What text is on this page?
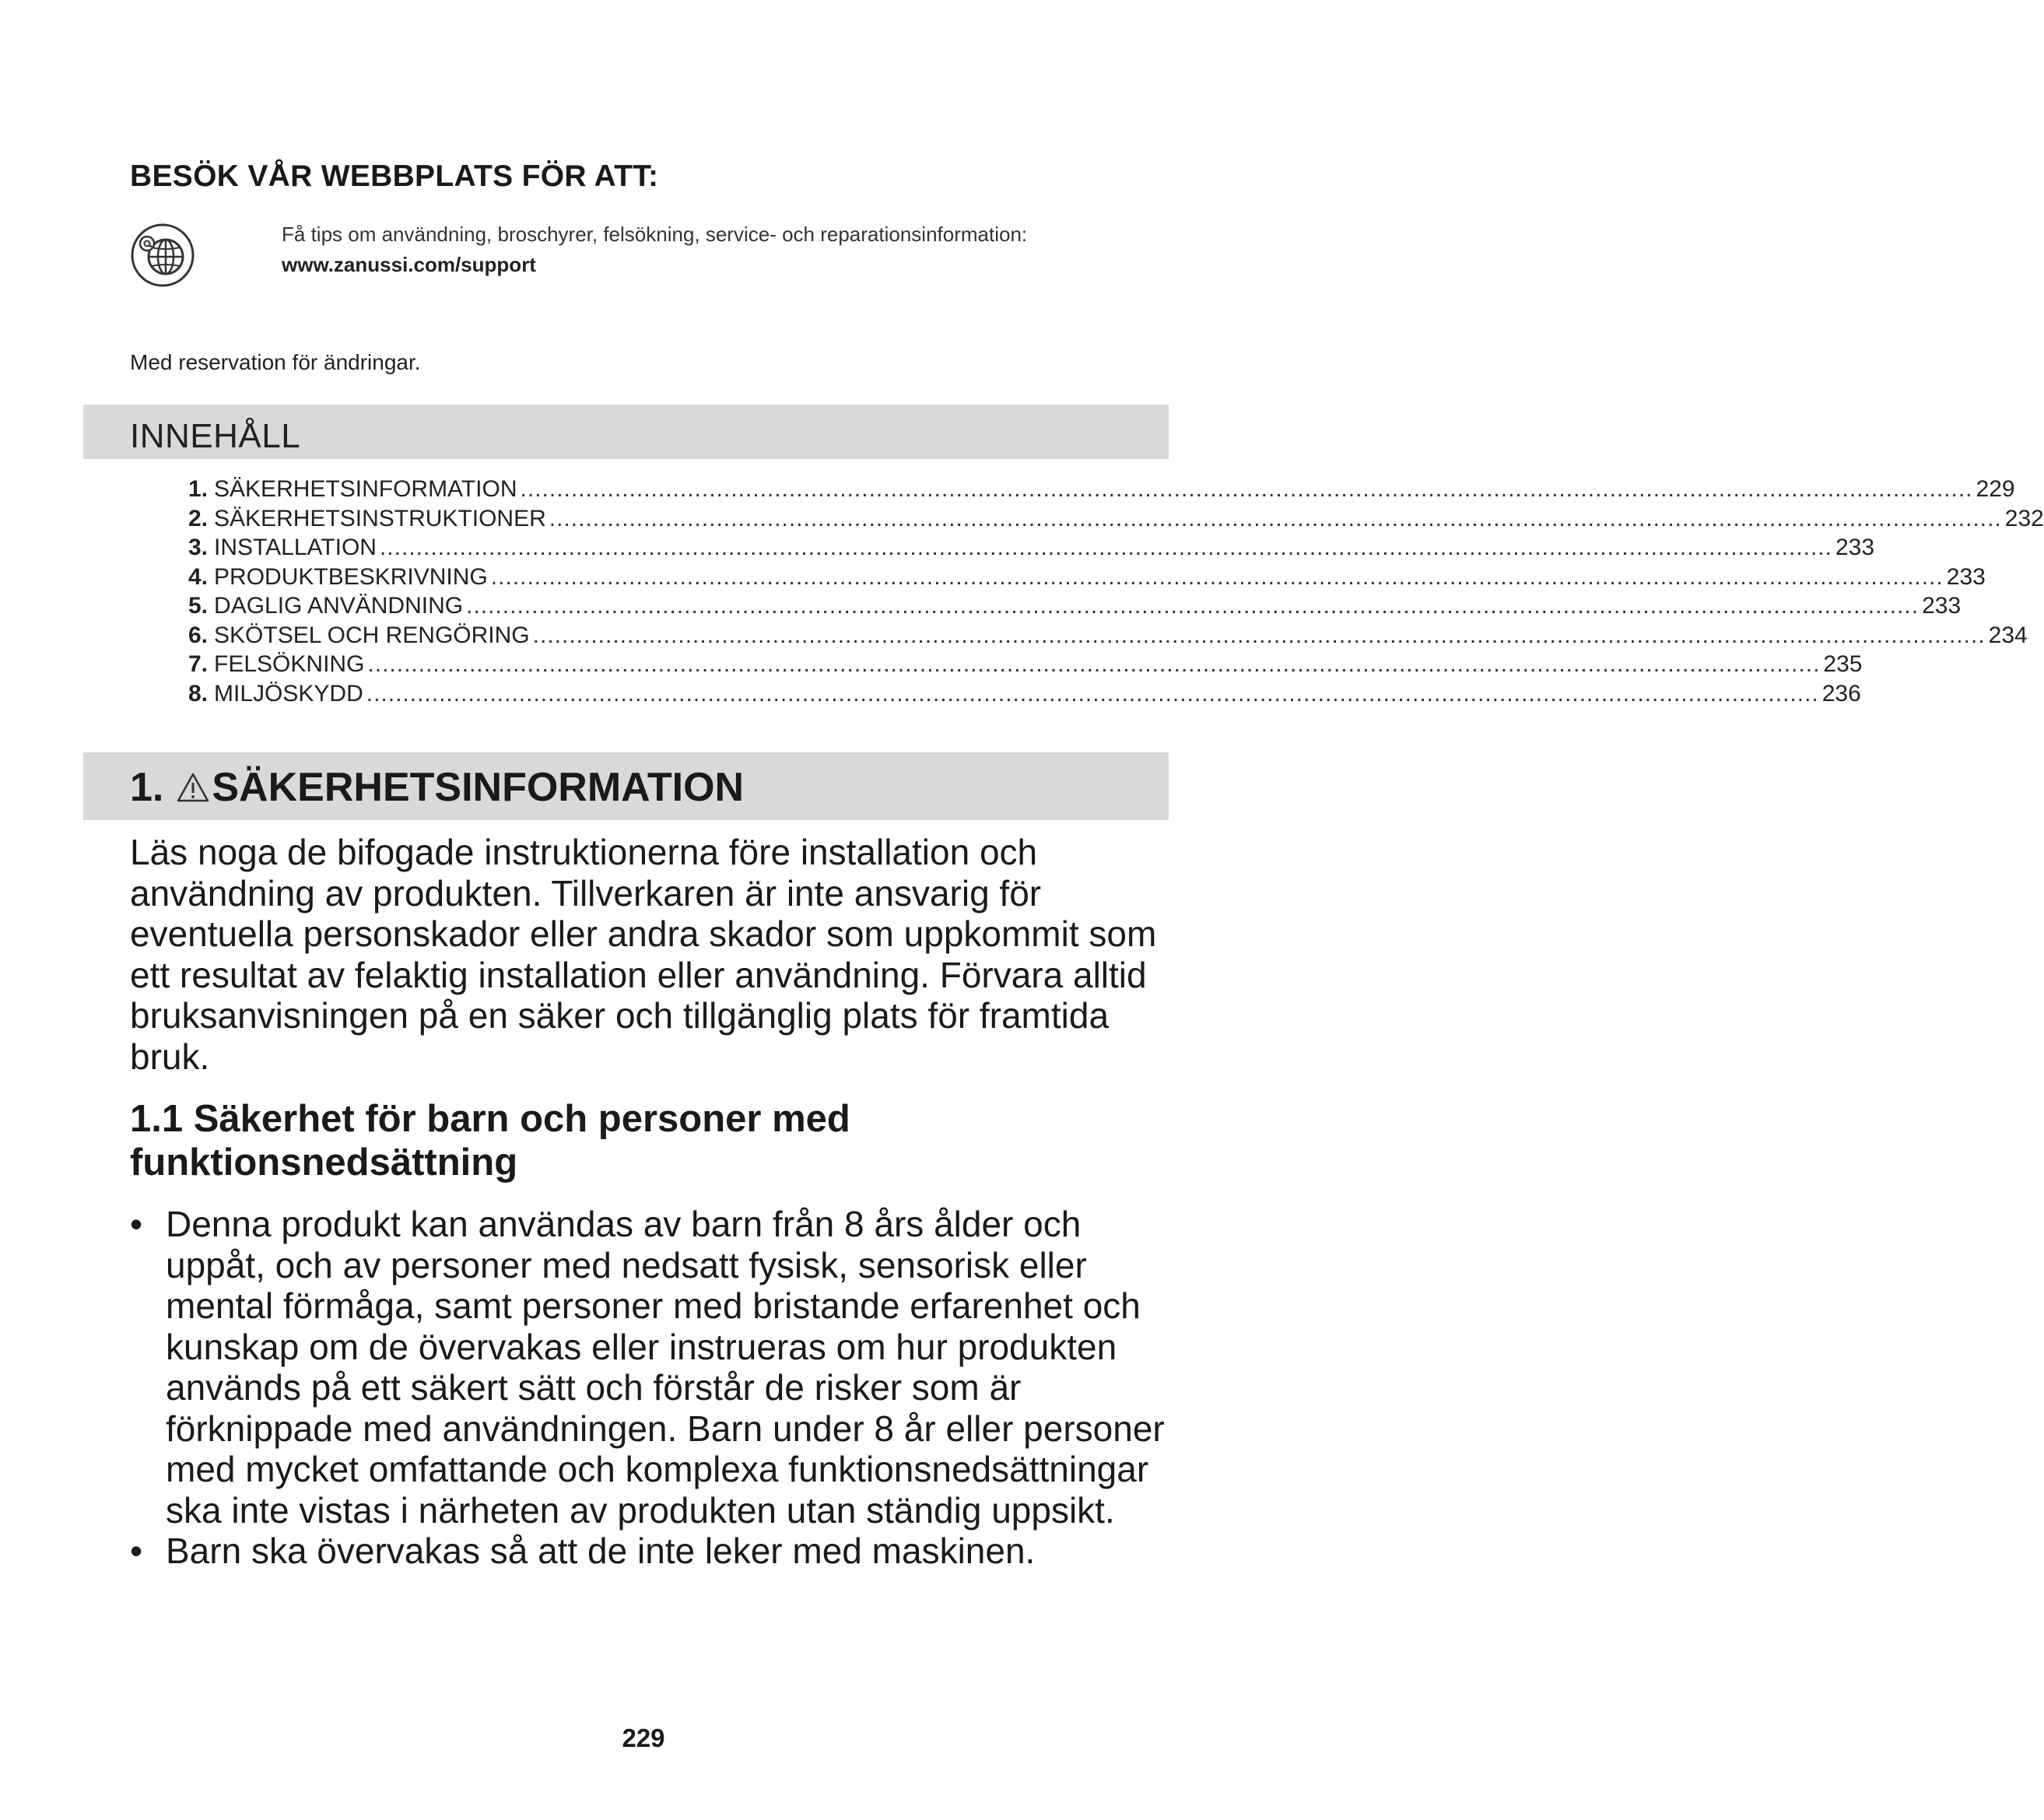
BESÖK VÅR WEBBPLATS FÖR ATT:
Få tips om användning, broschyrer, felsökning, service- och reparationsinformation:
www.zanussi.com/support
Med reservation för ändringar.
INNEHÅLL
1. SÄKERHETSINFORMATION ........................................................................................................................................................................................................ 229
2. SÄKERHETSINSTRUKTIONER ........................................................................................................................................................................................................ 232
3. INSTALLATION ........................................................................................................................................................................................................ 233
4. PRODUKTBESKRIVNING ........................................................................................................................................................................................................ 233
5. DAGLIG ANVÄNDNING ........................................................................................................................................................................................................ 233
6. SKÖTSEL OCH RENGÖRING ........................................................................................................................................................................................................ 234
7. FELSÖKNING ........................................................................................................................................................................................................ 235
8. MILJÖSKYDD ........................................................................................................................................................................................................ 236
1. SÄKERHETSINFORMATION
Läs noga de bifogade instruktionerna före installation och användning av produkten. Tillverkaren är inte ansvarig för eventuella personskador eller andra skador som uppkommit som ett resultat av felaktig installation eller användning. Förvara alltid bruksanvisningen på en säker och tillgänglig plats för framtida bruk.
1.1 Säkerhet för barn och personer med funktionsnedsättning
• Denna produkt kan användas av barn från 8 års ålder och uppåt, och av personer med nedsatt fysisk, sensorisk eller mental förmåga, samt personer med bristande erfarenhet och kunskap om de övervakas eller instrueras om hur produkten används på ett säkert sätt och förstår de risker som är förknippade med användningen. Barn under 8 år eller personer med mycket omfattande och komplexa funktionsnedsättningar ska inte vistas i närheten av produkten utan ständig uppsikt.
• Barn ska övervakas så att de inte leker med maskinen.
229
